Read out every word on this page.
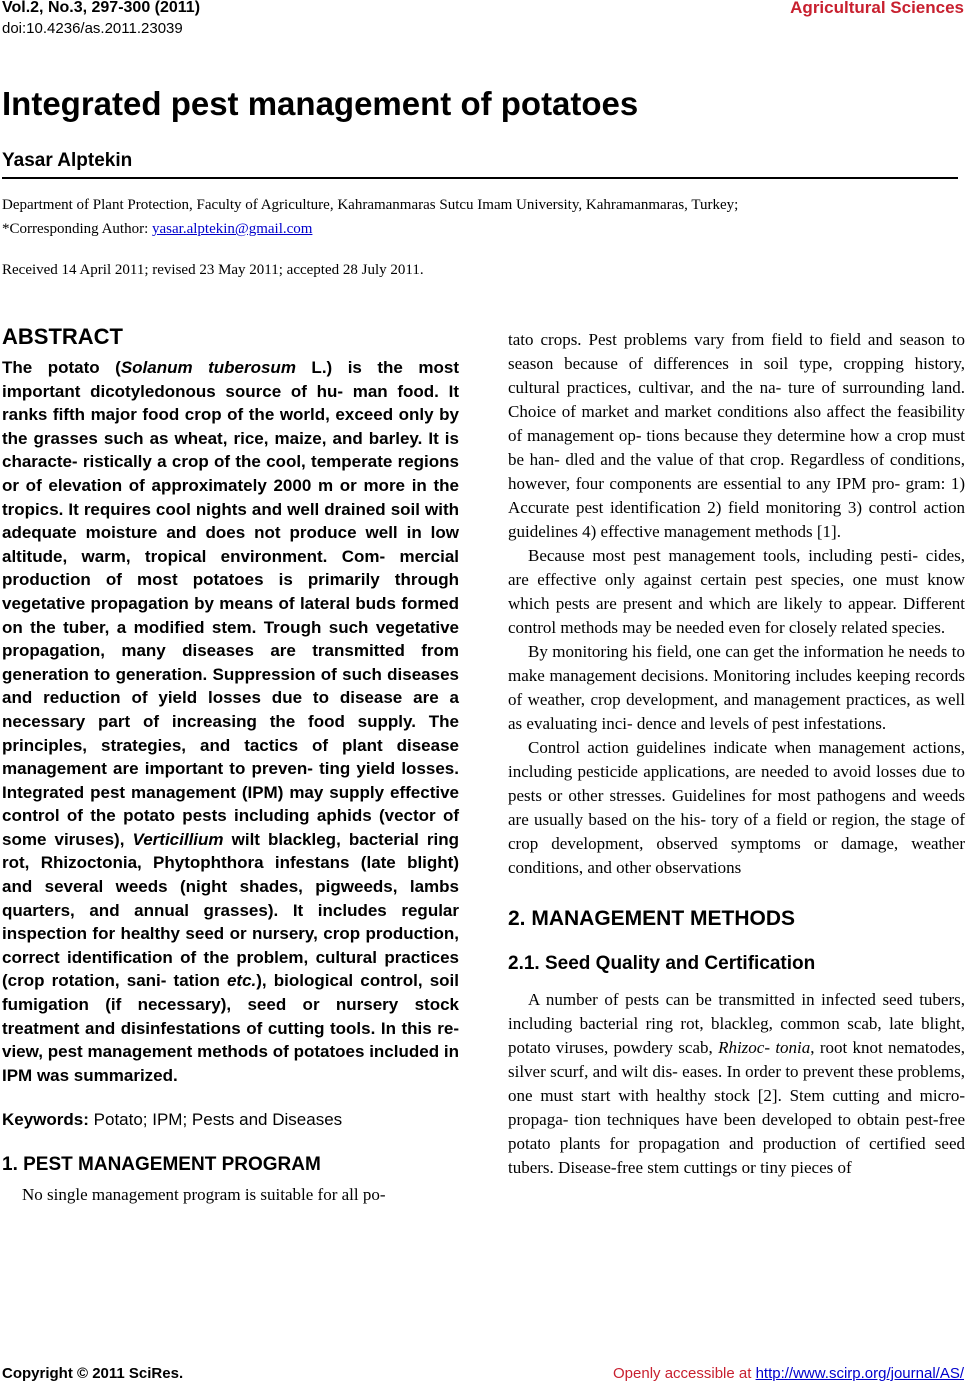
Vol.2, No.3, 297-300 (2011)
doi:10.4236/as.2011.23039
Agricultural Sciences
Integrated pest management of potatoes
Yasar Alptekin
Department of Plant Protection, Faculty of Agriculture, Kahramanmaras Sutcu Imam University, Kahramanmaras, Turkey;
*Corresponding Author: yasar.alptekin@gmail.com
Received 14 April 2011; revised 23 May 2011; accepted 28 July 2011.
ABSTRACT

The potato (Solanum tuberosum L.) is the most important dicotyledonous source of hu- man food. It ranks fifth major food crop of the world, exceed only by the grasses such as wheat, rice, maize, and barley. It is characte- ristically a crop of the cool, temperate regions or of elevation of approximately 2000 m or more in the tropics. It requires cool nights and well drained soil with adequate moisture and does not produce well in low altitude, warm, tropical environment. Com- mercial production of most potatoes is primarily through vegetative propagation by means of lateral buds formed on the tuber, a modified stem. Trough such vegetative propagation, many diseases are transmitted from generation to generation. Suppression of such diseases and reduction of yield losses due to disease are a necessary part of increasing the food supply. The principles, strategies, and tactics of plant disease management are important to preven- ting yield losses. Integrated pest management (IPM) may supply effective control of the potato pests including aphids (vector of some viruses), Verticillium wilt blackleg, bacterial ring rot, Rhizoctonia, Phytophthora infestans (late blight) and several weeds (night shades, pigweeds, lambs quarters, and annual grasses). It includes regular inspection for healthy seed or nursery, crop production, correct identification of the problem, cultural practices (crop rotation, sani- tation etc.), biological control, soil fumigation (if necessary), seed or nursery stock treatment and disinfestations of cutting tools. In this re- view, pest management methods of potatoes included in IPM was summarized.

Keywords: Potato; IPM; Pests and Diseases

1. PEST MANAGEMENT PROGRAM

No single management program is suitable for all po-

tato crops. Pest problems vary from field to field and season to season because of differences in soil type, cropping history, cultural practices, cultivar, and the na- ture of surrounding land. Choice of market and market conditions also affect the feasibility of management op- tions because they determine how a crop must be han- dled and the value of that crop. Regardless of conditions, however, four components are essential to any IPM pro- gram: 1) Accurate pest identification 2) field monitoring 3) control action guidelines 4) effective management methods [1].

Because most pest management tools, including pesti- cides, are effective only against certain pest species, one must know which pests are present and which are likely to appear. Different control methods may be needed even for closely related species.

By monitoring his field, one can get the information he needs to make management decisions. Monitoring includes keeping records of weather, crop development, and management practices, as well as evaluating inci- dence and levels of pest infestations.

Control action guidelines indicate when management actions, including pesticide applications, are needed to avoid losses due to pests or other stresses. Guidelines for most pathogens and weeds are usually based on the his- tory of a field or region, the stage of crop development, observed symptoms or damage, weather conditions, and other observations

2. MANAGEMENT METHODS
2.1. Seed Quality and Certification

A number of pests can be transmitted in infected seed tubers, including bacterial ring rot, blackleg, common scab, late blight, potato viruses, powdery scab, Rhizoc- tonia, root knot nematodes, silver scurf, and wilt dis- eases. In order to prevent these problems, one must start with healthy stock [2]. Stem cutting and micro-propaga- tion techniques have been developed to obtain pest-free potato plants for propagation and production of certified seed tubers. Disease-free stem cuttings or tiny pieces of

Copyright © 2011 SciRes.	Openly accessible at http://www.scirp.org/journal/AS/
